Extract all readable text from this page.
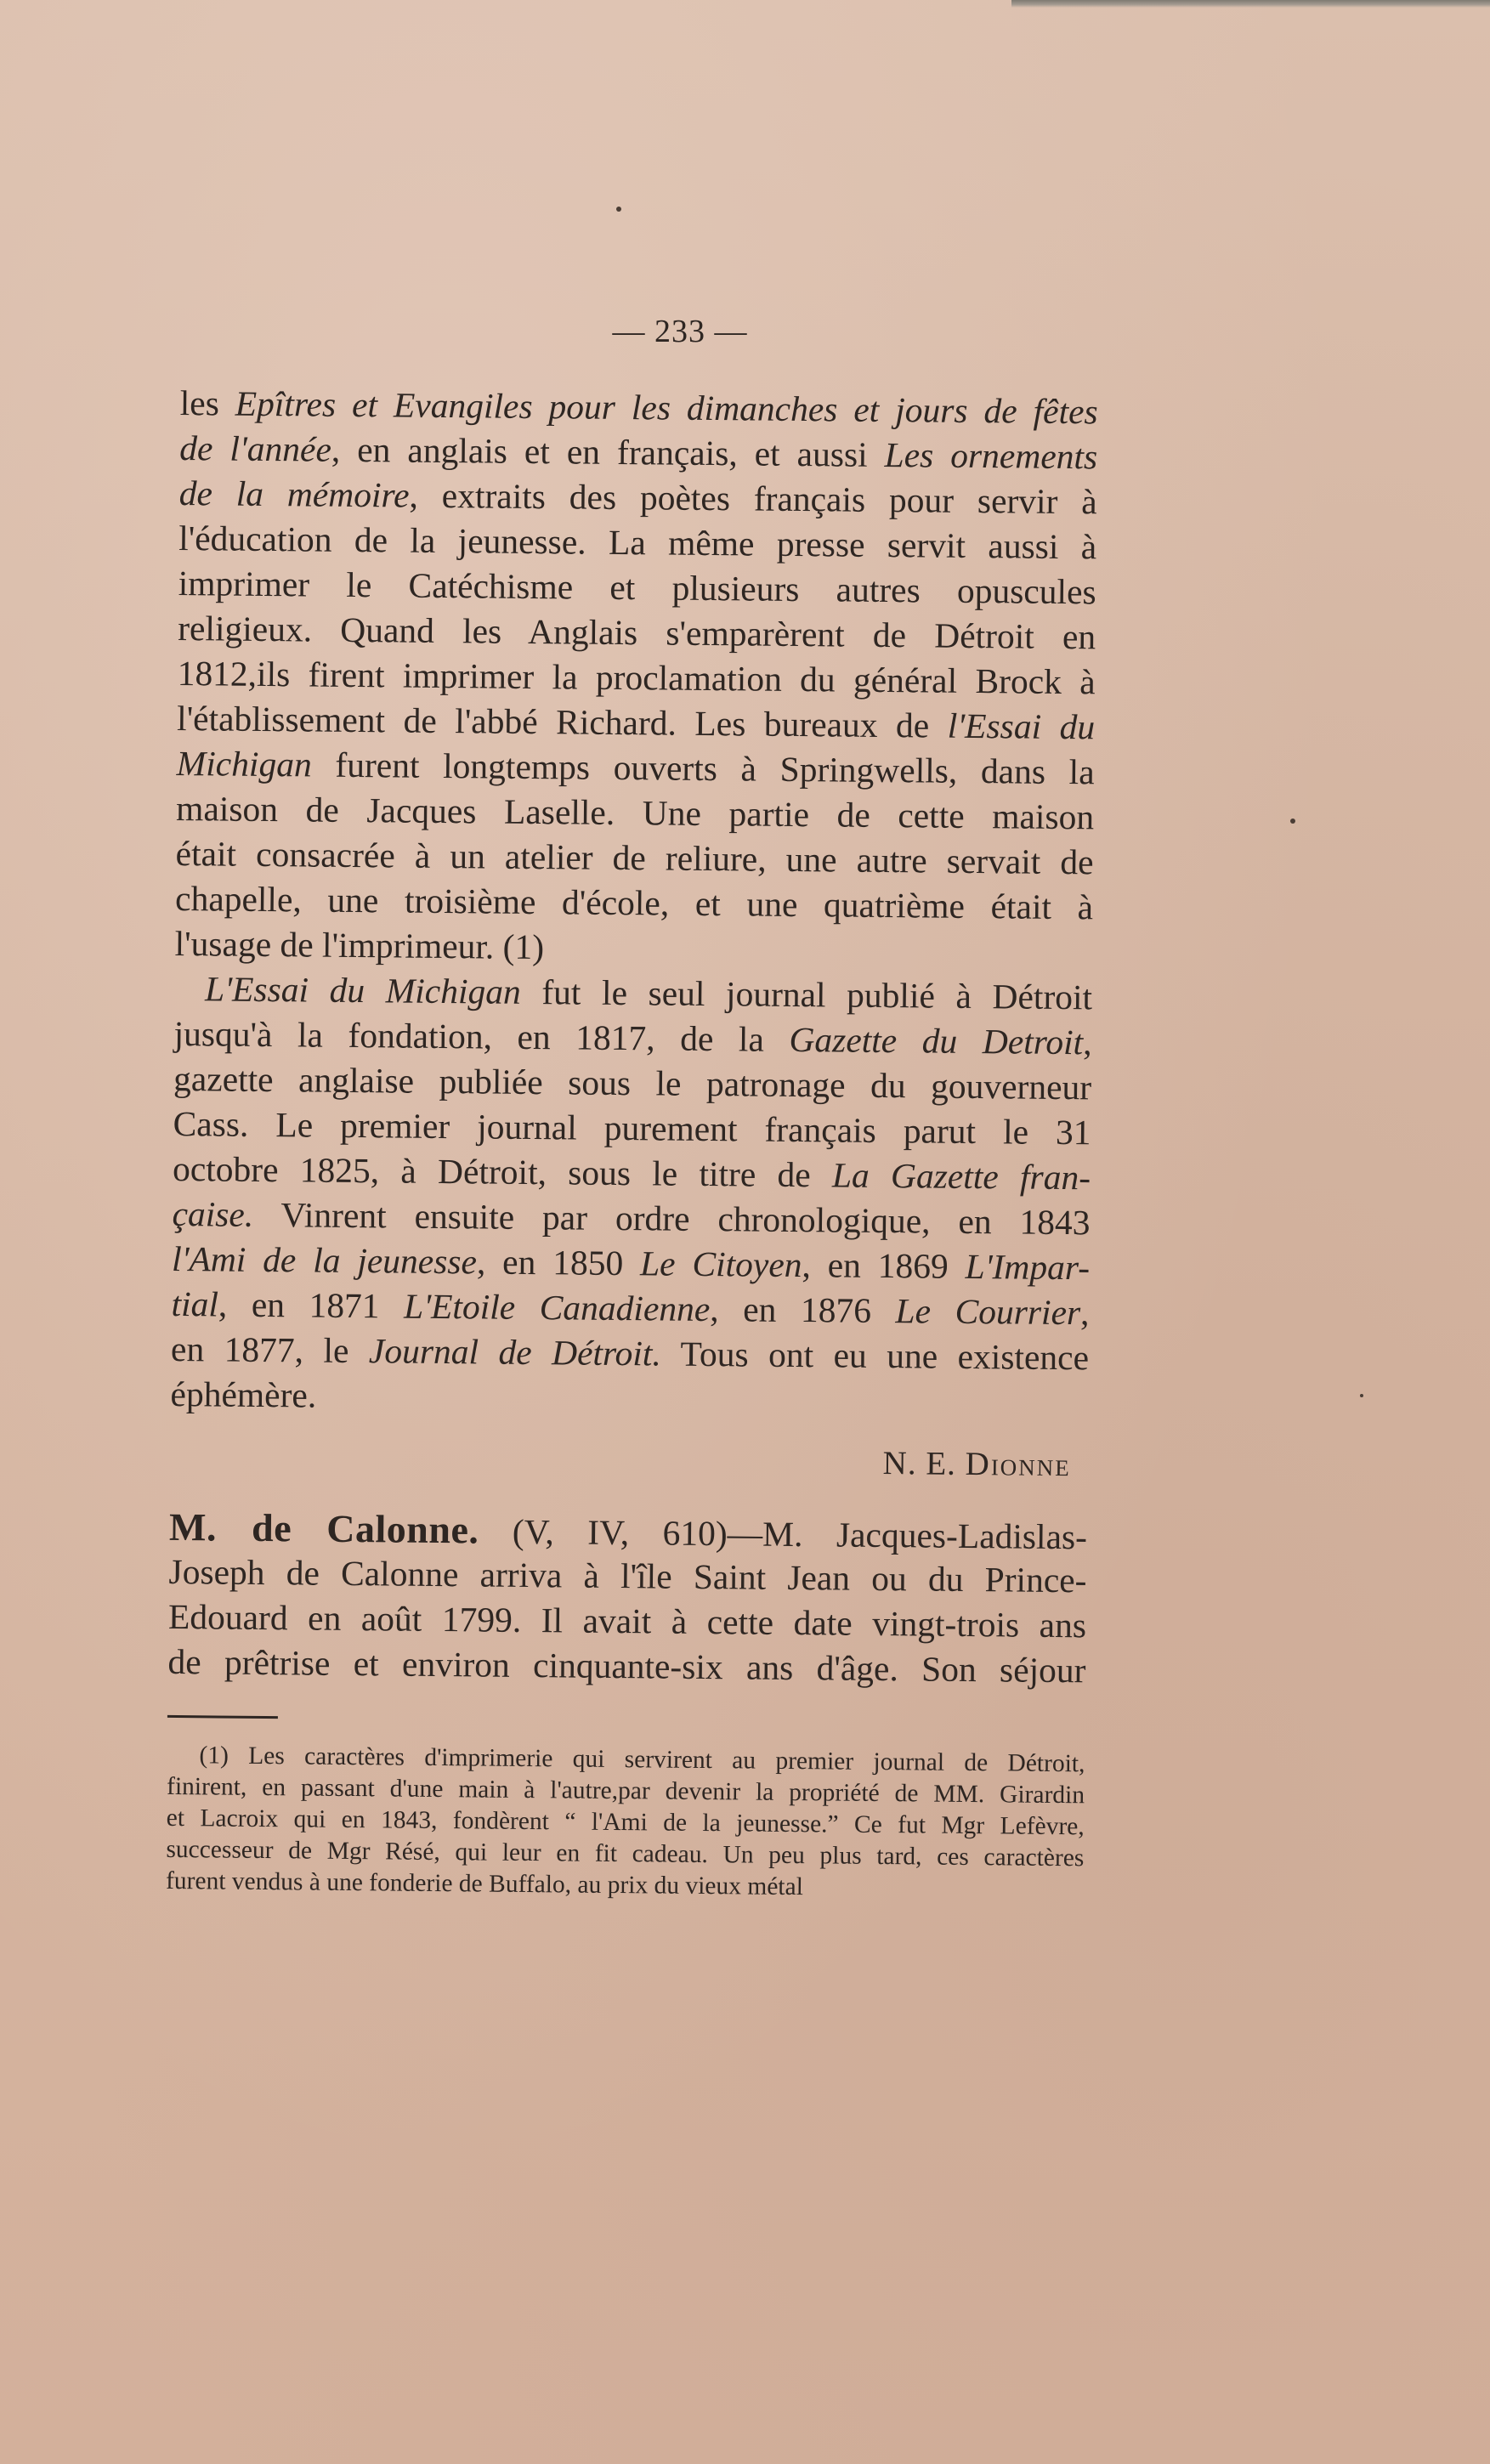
— 233 —
les Epîtres et Evangiles pour les dimanches et jours de fêtes
de l'année, en anglais et en français, et aussi Les ornements
de la mémoire, extraits des poètes français pour servir à
l'éducation de la jeunesse. La même presse servit aussi à
imprimer le Catéchisme et plusieurs autres opuscules
religieux. Quand les Anglais s'emparèrent de Détroit en
1812,ils firent imprimer la proclamation du général Brock à
l'établissement de l'abbé Richard. Les bureaux de l'Essai du
Michigan furent longtemps ouverts à Springwells, dans la
maison de Jacques Laselle. Une partie de cette maison
était consacrée à un atelier de reliure, une autre servait de
chapelle, une troisième d'école, et une quatrième était à
l'usage de l'imprimeur. (1)
L'Essai du Michigan fut le seul journal publié à Détroit
jusqu'à la fondation, en 1817, de la Gazette du Detroit,
gazette anglaise publiée sous le patronage du gouverneur
Cass. Le premier journal purement français parut le 31
octobre 1825, à Détroit, sous le titre de La Gazette fran-
çaise. Vinrent ensuite par ordre chronologique, en 1843
l'Ami de la jeunesse, en 1850 Le Citoyen, en 1869 L'Impar-
tial, en 1871 L'Etoile Canadienne, en 1876 Le Courrier,
en 1877, le Journal de Détroit. Tous ont eu une existence
éphémère.
N. E. Dionne
M. de Calonne. (V, IV, 610)—M. Jacques-Ladislas-
Joseph de Calonne arriva à l'île Saint Jean ou du Prince-
Edouard en août 1799. Il avait à cette date vingt-trois ans
de prêtrise et environ cinquante-six ans d'âge. Son séjour
(1) Les caractères d'imprimerie qui servirent au premier journal de Détroit,
finirent, en passant d'une main à l'autre,par devenir la propriété de MM. Girardin
et Lacroix qui en 1843, fondèrent “ l'Ami de la jeunesse.” Ce fut Mgr Lefèvre,
successeur de Mgr Résé, qui leur en fit cadeau. Un peu plus tard, ces caractères
furent vendus à une fonderie de Buffalo, au prix du vieux métal
